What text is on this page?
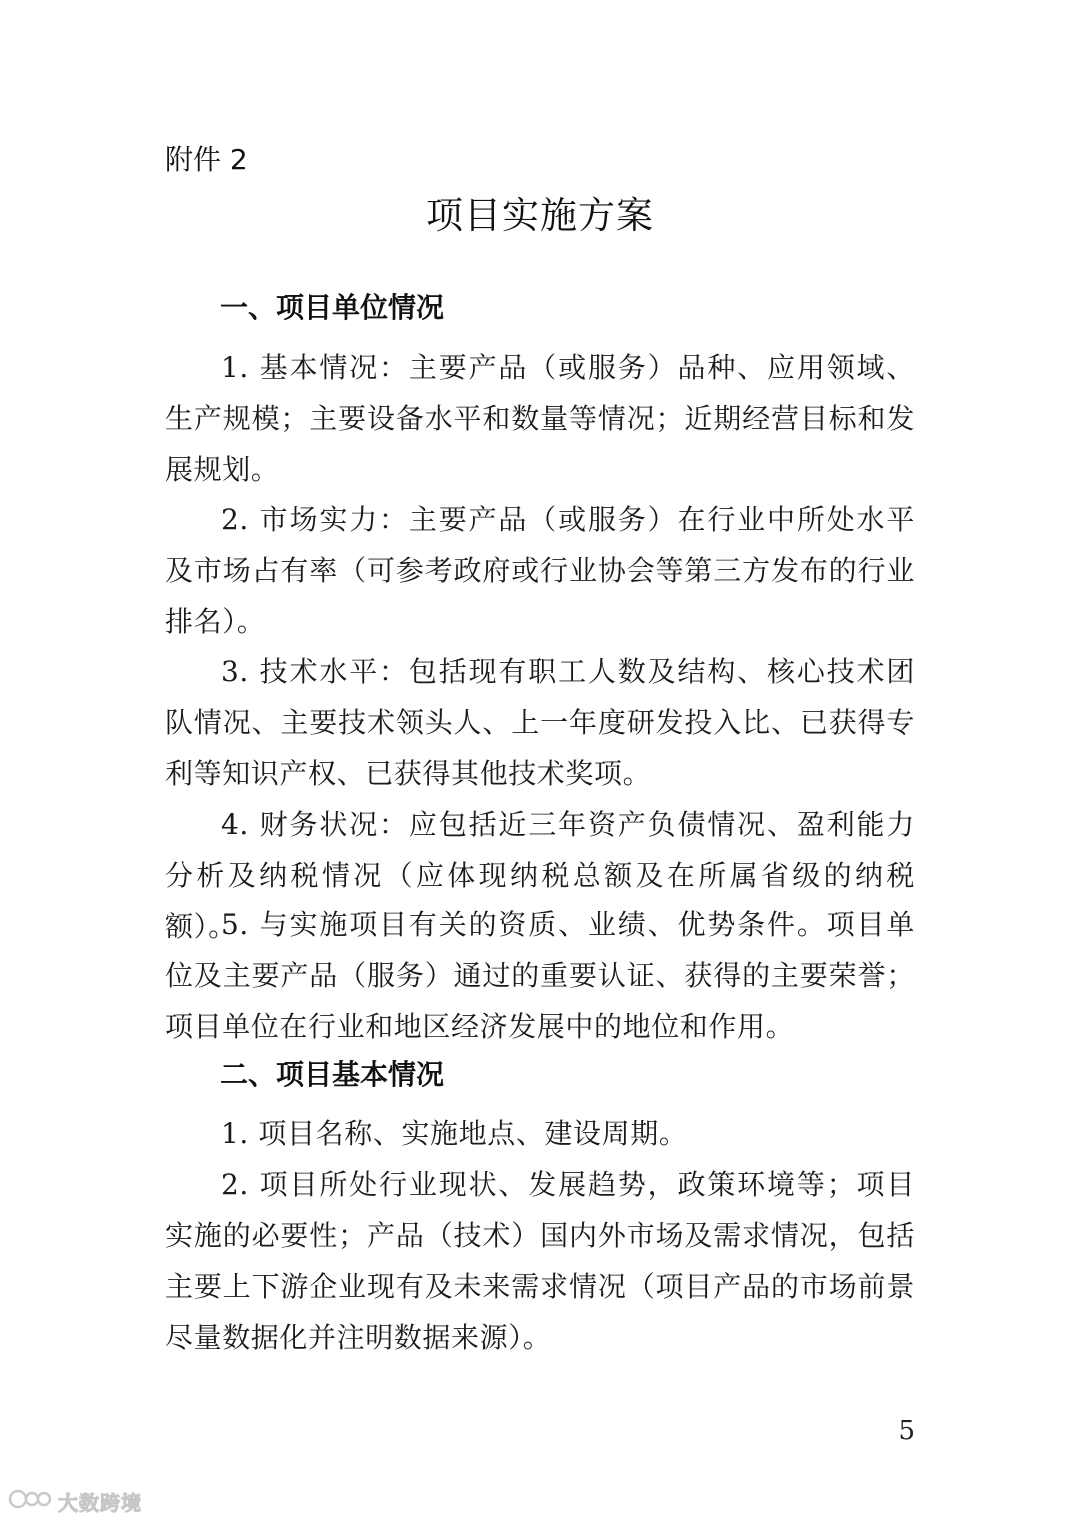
附件 2
项目实施方案
一、项目单位情况

1. 基本情况：主要产品（或服务）品种、应用领域、生产规模；主要设备水平和数量等情况；近期经营目标和发展规划。

2. 市场实力：主要产品（或服务）在行业中所处水平及市场占有率（可参考政府或行业协会等第三方发布的行业排名）。

3. 技术水平：包括现有职工人数及结构、核心技术团队情况、主要技术领头人、上一年度研发投入比、已获得专利等知识产权、已获得其他技术奖项。

4. 财务状况：应包括近三年资产负债情况、盈利能力分析及纳税情况（应体现纳税总额及在所属省级的纳税额）。

5. 与实施项目有关的资质、业绩、优势条件。项目单位及主要产品（服务）通过的重要认证、获得的主要荣誉；项目单位在行业和地区经济发展中的地位和作用。

二、项目基本情况

1. 项目名称、实施地点、建设周期。

2. 项目所处行业现状、发展趋势，政策环境等；项目实施的必要性；产品（技术）国内外市场及需求情况，包括主要上下游企业现有及未来需求情况（项目产品的市场前景尽量数据化并注明数据来源）。

5
大数跨境
